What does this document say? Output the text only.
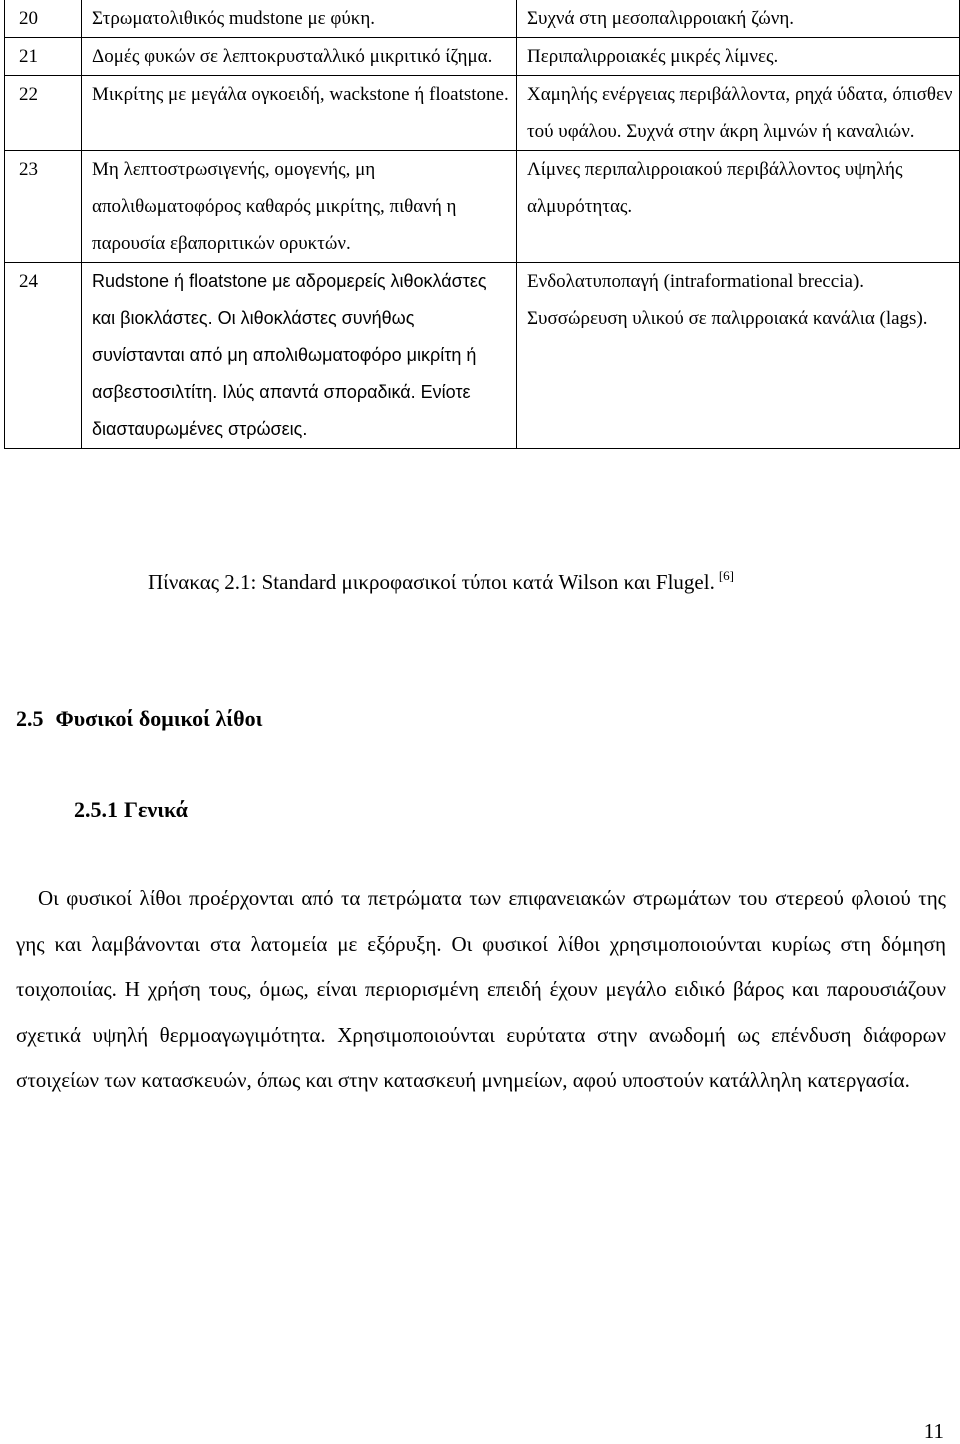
20	Στρωματολιθικός mudstone με φύκη.	Συχνά στη μεσοπαλιρροιακή ζώνη.
21	Δομές φυκών σε λεπτοκρυσταλλικό μικριτικό ίζημα.	Περιπαλιρροιακές μικρές λίμνες.
22	Μικρίτης με μεγάλα ογκοειδή, wackstone ή floatstone.	Χαμηλής ενέργειας περιβάλλοντα, ρηχά ύδατα, όπισθεν τού υφάλου. Συχνά στην άκρη λιμνών ή καναλιών.
23	Μη λεπτοστρωσιγενής, ομογενής, μη απολιθωματοφόρος καθαρός μικρίτης, πιθανή η παρουσία εβαποριτικών ορυκτών.	Λίμνες περιπαλιρροιακού περιβάλλοντος υψηλής αλμυρότητας.
24	Rudstone ή floatstone με αδρομερείς λιθοκλάστες και βιοκλάστες. Οι λιθοκλάστες συνήθως συνίστανται από μη απολιθωματοφόρο μικρίτη ή ασβεστοσιλτίτη. Ιλύς απαντά σποραδικά. Ενίοτε διασταυρωμένες στρώσεις.	Ενδολατυποπαγή (intraformational breccia). Συσσώρευση υλικού σε παλιρροιακά κανάλια (lags).
Πίνακας 2.1: Standard μικροφασικοί τύποι κατά Wilson και Flugel. [6]
2.5 Φυσικοί δομικοί λίθοι
2.5.1 Γενικά
Οι φυσικοί λίθοι προέρχονται από τα πετρώματα των επιφανειακών στρωμάτων του στερεού φλοιού της γης και λαμβάνονται στα λατομεία με εξόρυξη. Οι φυσικοί λίθοι χρησιμοποιούνται κυρίως στη δόμηση τοιχοποιίας. Η χρήση τους, όμως, είναι περιορισμένη επειδή έχουν μεγάλο ειδικό βάρος και παρουσιάζουν σχετικά υψηλή θερμοαγωγιμότητα. Χρησιμοποιούνται ευρύτατα στην ανωδομή ως επένδυση διάφορων στοιχείων των κατασκευών, όπως και στην κατασκευή μνημείων, αφού υποστούν κατάλληλη κατεργασία.
11
